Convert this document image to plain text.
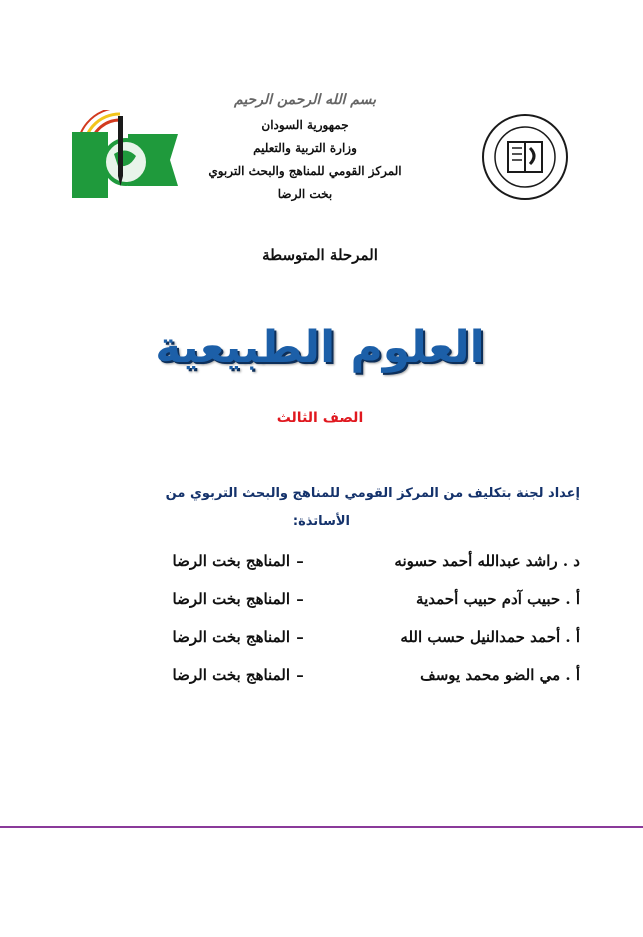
بسم الله الرحمن الرحيم
جمهورية السودان
وزارة التربية والتعليم
المركز القومي للمناهج والبحث التربوي
بخت الرضا
المرحلة المتوسطة
العلوم الطبيعية
الصف الثالث
إعداد لجنة بتكليف من المركز القومي للمناهج والبحث التربوي من
الأساتذة:
د . راشد عبدالله أحمد حسونه
–
المناهج بخت الرضا
أ . حبيب آدم حبيب أحمدية
–
المناهج بخت الرضا
أ . أحمد حمدالنيل حسب الله
–
المناهج بخت الرضا
أ . مي الضو محمد يوسف
–
المناهج بخت الرضا
